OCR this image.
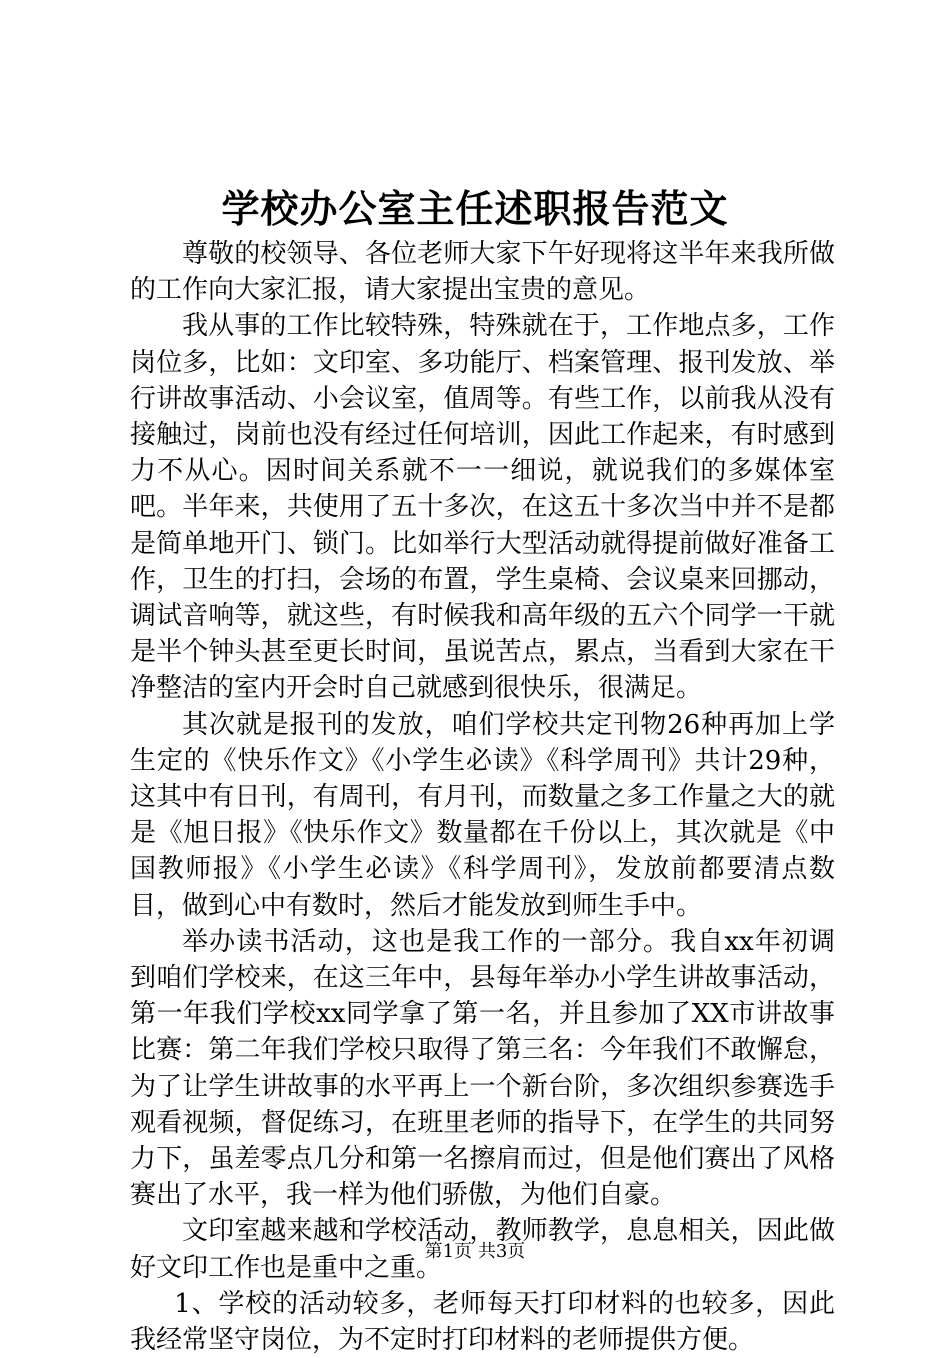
学校办公室主任述职报告范文

尊敬的校领导、各位老师大家下午好现将这半年来我所做的工作向大家汇报，请大家提出宝贵的意见。

我从事的工作比较特殊，特殊就在于，工作地点多，工作岗位多，比如：文印室、多功能厅、档案管理、报刊发放、举行讲故事活动、小会议室，值周等。有些工作，以前我从没有接触过，岗前也没有经过任何培训，因此工作起来，有时感到力不从心。因时间关系就不一一细说，就说我们的多媒体室吧。半年来，共使用了五十多次，在这五十多次当中并不是都是简单地开门、锁门。比如举行大型活动就得提前做好准备工作，卫生的打扫，会场的布置，学生桌椅、会议桌来回挪动，调试音响等，就这些，有时候我和高年级的五六个同学一干就是半个钟头甚至更长时间，虽说苦点，累点，当看到大家在干净整洁的室内开会时自己就感到很快乐，很满足。

其次就是报刊的发放，咱们学校共定刊物26种再加上学生定的《快乐作文》《小学生必读》《科学周刊》共计29种，这其中有日刊，有周刊，有月刊，而数量之多工作量之大的就是《旭日报》《快乐作文》数量都在千份以上，其次就是《中国教师报》《小学生必读》《科学周刊》，发放前都要清点数目，做到心中有数时，然后才能发放到师生手中。

举办读书活动，这也是我工作的一部分。我自xx年初调到咱们学校来，在这三年中，县每年举办小学生讲故事活动，第一年我们学校xx同学拿了第一名，并且参加了XX市讲故事比赛：第二年我们学校只取得了第三名：今年我们不敢懈怠，为了让学生讲故事的水平再上一个新台阶，多次组织参赛选手观看视频，督促练习，在班里老师的指导下，在学生的共同努力下，虽差零点几分和第一名擦肩而过，但是他们赛出了风格赛出了水平，我一样为他们骄傲，为他们自豪。

文印室越来越和学校活动，教师教学，息息相关，因此做好文印工作也是重中之重。

1、学校的活动较多，老师每天打印材料的也较多，因此我经常坚守岗位，为不定时打印材料的老师提供方便。

第1页 共3页
